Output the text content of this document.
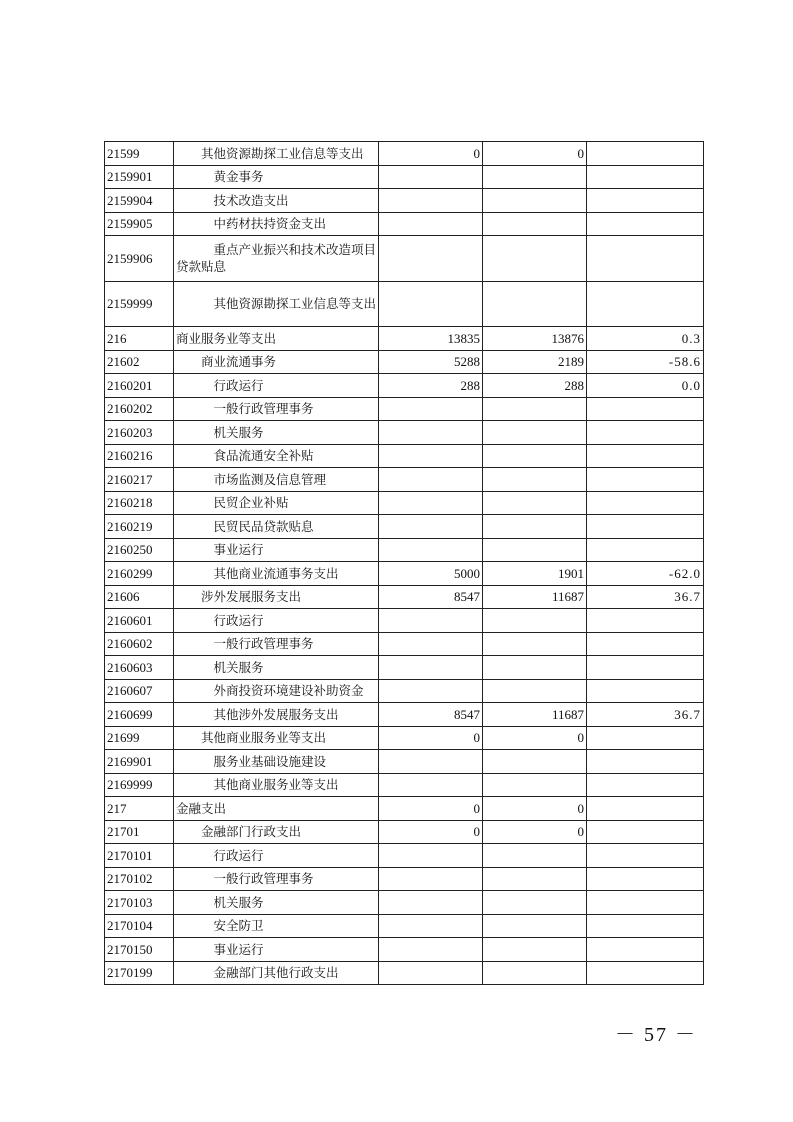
21599	其他资源勘探工业信息等支出	0	0	
2159901	黄金事务			
2159904	技术改造支出			
2159905	中药材扶持资金支出			
2159906	重点产业振兴和技术改造项目贷款贴息			
2159999	其他资源勘探工业信息等支出			
216	商业服务业等支出	13835	13876	0.3
21602	商业流通事务	5288	2189	-58.6
2160201	行政运行	288	288	0.0
2160202	一般行政管理事务			
2160203	机关服务			
2160216	食品流通安全补贴			
2160217	市场监测及信息管理			
2160218	民贸企业补贴			
2160219	民贸民品贷款贴息			
2160250	事业运行			
2160299	其他商业流通事务支出	5000	1901	-62.0
21606	涉外发展服务支出	8547	11687	36.7
2160601	行政运行			
2160602	一般行政管理事务			
2160603	机关服务			
2160607	外商投资环境建设补助资金			
2160699	其他涉外发展服务支出	8547	11687	36.7
21699	其他商业服务业等支出	0	0	
2169901	服务业基础设施建设			
2169999	其他商业服务业等支出			
217	金融支出	0	0	
21701	金融部门行政支出	0	0	
2170101	行政运行			
2170102	一般行政管理事务			
2170103	机关服务			
2170104	安全防卫			
2170150	事业运行			
2170199	金融部门其他行政支出			
－ 57 －
